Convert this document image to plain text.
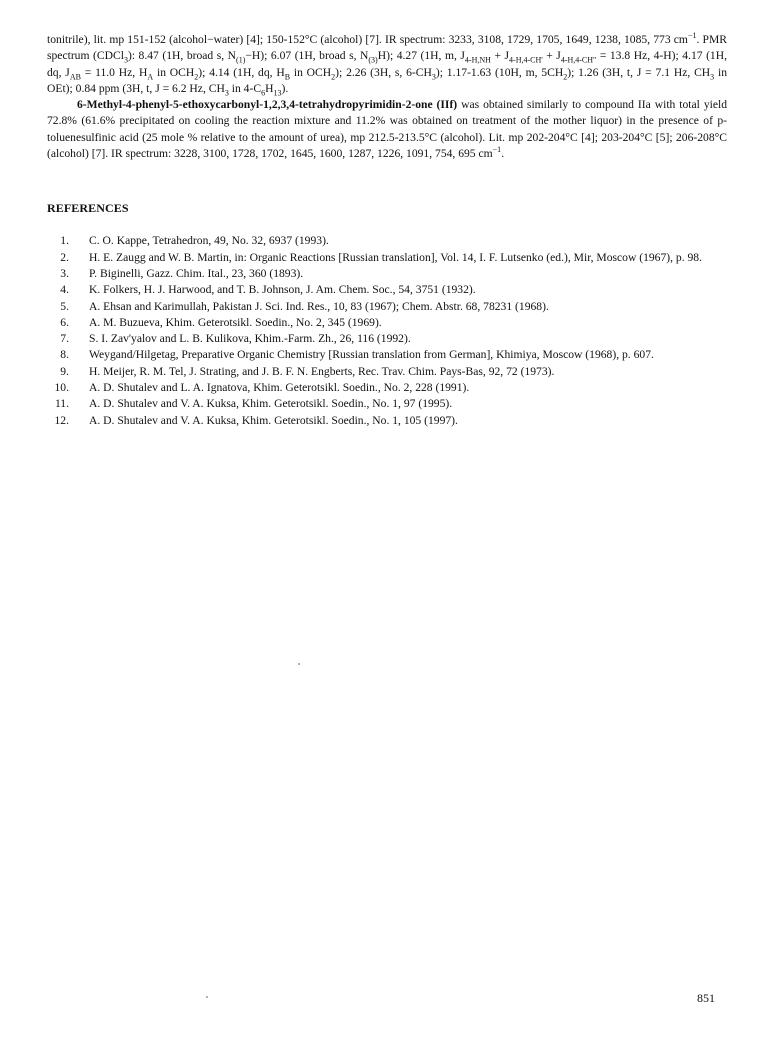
tonitrile), lit. mp 151-152 (alcohol−water) [4]; 150-152°C (alcohol) [7]. IR spectrum: 3233, 3108, 1729, 1705, 1649, 1238, 1085, 773 $cm^{-1}$. PMR spectrum (CDCl$_3$): 8.47 (1H, broad s, $N_{(1)}-H$); 6.07 (1H, broad s, $N_{(3)}H$); 4.27 (1H, m, $J_{4-H,NH} + J_{4-H,4-CH'} + J_{4-H,4-CH"} = 13.8$ Hz, 4-H); 4.17 (1H, dq, $J_{AB} = 11.0$ Hz, $H_A$ in $OCH_2$); 4.14 (1H, dq, $H_B$ in $OCH_2$); 2.26 (3H, s, $6-CH_3$); 1.17-1.63 (10H, m, $5CH_2$); 1.26 (3H, t, J = 7.1 Hz, $CH_3$ in OEt); 0.84 ppm (3H, t, J = 6.2 Hz, $CH_3$ in $4-C_6H_{13}$).

6-Methyl-4-phenyl-5-ethoxycarbonyl-1,2,3,4-tetrahydropyrimidin-2-one (IIf) was obtained similarly to compound IIa with total yield 72.8% (61.6% precipitated on cooling the reaction mixture and 11.2% was obtained on treatment of the mother liquor) in the presence of p-toluenesulfinic acid (25 mole % relative to the amount of urea), mp 212.5-213.5°C (alcohol). Lit. mp 202-204°C [4]; 203-204°C [5]; 206-208°C (alcohol) [7]. IR spectrum: 3228, 3100, 1728, 1702, 1645, 1600, 1287, 1226, 1091, 754, 695 $cm^{-1}$.

REFERENCES
1. C. O. Kappe, Tetrahedron, 49, No. 32, 6937 (1993).
2. H. E. Zaugg and W. B. Martin, in: Organic Reactions [Russian translation], Vol. 14, I. F. Lutsenko (ed.), Mir, Moscow (1967), p. 98.
3. P. Biginelli, Gazz. Chim. Ital., 23, 360 (1893).
4. K. Folkers, H. J. Harwood, and T. B. Johnson, J. Am. Chem. Soc., 54, 3751 (1932).
5. A. Ehsan and Karimullah, Pakistan J. Sci. Ind. Res., 10, 83 (1967); Chem. Abstr. 68, 78231 (1968).
6. A. M. Buzueva, Khim. Geterotsikl. Soedin., No. 2, 345 (1969).
7. S. I. Zav'yalov and L. B. Kulikova, Khim.-Farm. Zh., 26, 116 (1992).
8. Weygand/Hilgetag, Preparative Organic Chemistry [Russian translation from German], Khimiya, Moscow (1968), p. 607.
9. H. Meijer, R. M. Tel, J. Strating, and J. B. F. N. Engberts, Rec. Trav. Chim. Pays-Bas, 92, 72 (1973).
10. A. D. Shutalev and L. A. Ignatova, Khim. Geterotsikl. Soedin., No. 2, 228 (1991).
11. A. D. Shutalev and V. A. Kuksa, Khim. Geterotsikl. Soedin., No. 1, 97 (1995).
12. A. D. Shutalev and V. A. Kuksa, Khim. Geterotsikl. Soedin., No. 1, 105 (1997).
851
